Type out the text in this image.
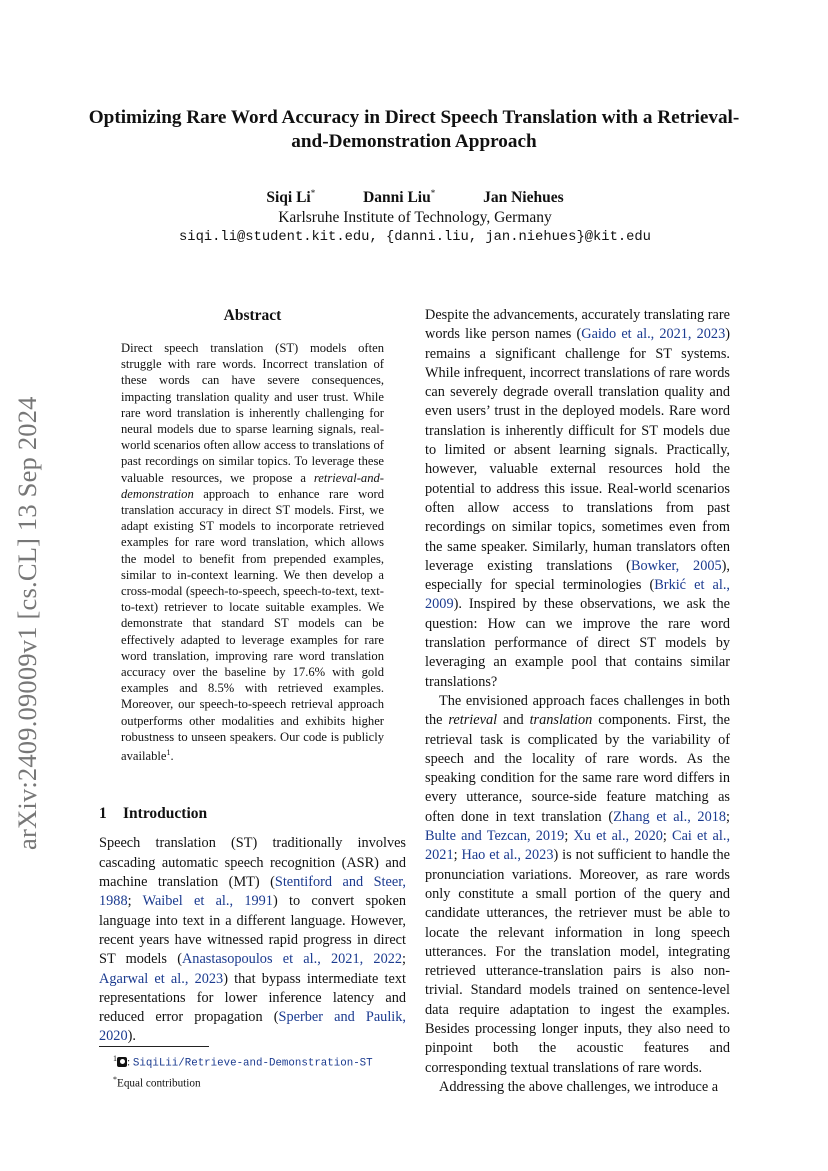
arXiv:2409.09009v1 [cs.CL] 13 Sep 2024
Optimizing Rare Word Accuracy in Direct Speech Translation with a Retrieval-and-Demonstration Approach
Siqi Li*	Danni Liu*	Jan Niehues
Karlsruhe Institute of Technology, Germany
siqi.li@student.kit.edu, {danni.liu, jan.niehues}@kit.edu
Abstract

Direct speech translation (ST) models often struggle with rare words. Incorrect translation of these words can have severe consequences, impacting translation quality and user trust. While rare word translation is inherently challenging for neural models due to sparse learning signals, real-world scenarios often allow access to translations of past recordings on similar topics. To leverage these valuable resources, we propose a retrieval-and-demonstration approach to enhance rare word translation accuracy in direct ST models. First, we adapt existing ST models to incorporate retrieved examples for rare word translation, which allows the model to benefit from prepended examples, similar to in-context learning. We then develop a cross-modal (speech-to-speech, speech-to-text, text-to-text) retriever to locate suitable examples. We demonstrate that standard ST models can be effectively adapted to leverage examples for rare word translation, improving rare word translation accuracy over the baseline by 17.6% with gold examples and 8.5% with retrieved examples. Moreover, our speech-to-speech retrieval approach outperforms other modalities and exhibits higher robustness to unseen speakers. Our code is publicly available$^1$.

1 Introduction

Speech translation (ST) traditionally involves cascading automatic speech recognition (ASR) and machine translation (MT) (Stentiford and Steer, 1988; Waibel et al., 1991) to convert spoken language into text in a different language. However, recent years have witnessed rapid progress in direct ST models (Anastasopoulos et al., 2021, 2022; Agarwal et al., 2023) that bypass intermediate text representations for lower inference latency and reduced error propagation (Sperber and Paulik, 2020).

Despite the advancements, accurately translating rare words like person names (Gaido et al., 2021, 2023) remains a significant challenge for ST systems. While infrequent, incorrect translations of rare words can severely degrade overall translation quality and even users’ trust in the deployed models. Rare word translation is inherently difficult for ST models due to limited or absent learning signals. Practically, however, valuable external resources hold the potential to address this issue. Real-world scenarios often allow access to translations from past recordings on similar topics, sometimes even from the same speaker. Similarly, human translators often leverage existing translations (Bowker, 2005), especially for special terminologies (Brkić et al., 2009). Inspired by these observations, we ask the question: How can we improve the rare word translation performance of direct ST models by leveraging an example pool that contains similar translations?

The envisioned approach faces challenges in both the retrieval and translation components. First, the retrieval task is complicated by the variability of speech and the locality of rare words. As the speaking condition for the same rare word differs in every utterance, source-side feature matching as often done in text translation (Zhang et al., 2018; Bulte and Tezcan, 2019; Xu et al., 2020; Cai et al., 2021; Hao et al., 2023) is not sufficient to handle the pronunciation variations. Moreover, as rare words only constitute a small portion of the query and candidate utterances, the retriever must be able to locate the relevant information in long speech utterances. For the translation model, integrating retrieved utterance-translation pairs is also non-trivial. Standard models trained on sentence-level data require adaptation to ingest the examples. Besides processing longer inputs, they also need to pinpoint both the acoustic features and corresponding textual translations of rare words.

Addressing the above challenges, we introduce a

$^1$ : SiqiLii/Retrieve-and-Demonstration-ST
*Equal contribution
